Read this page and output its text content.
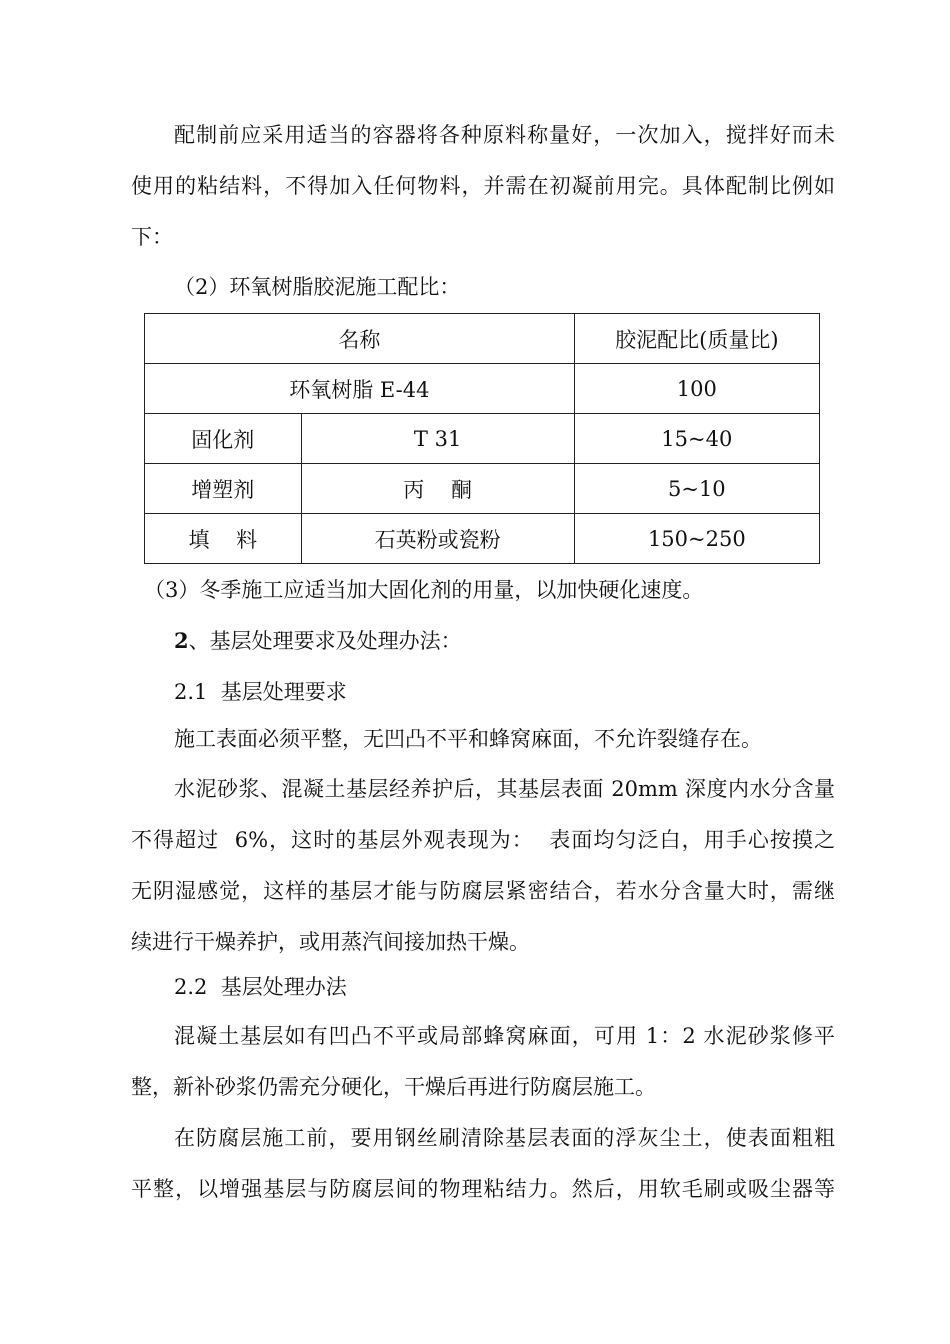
配制前应采用适当的容器将各种原料称量好，一次加入，搅拌好而未
使用的粘结料，不得加入任何物料，并需在初凝前用完。具体配制比例如
下：
（2）环氧树脂胶泥施工配比：
名称		胶泥配比(质量比)
环氧树脂 E-44		100
固化剂	T 31	15~40
增塑剂	丙    酮	5~10
填    料	石英粉或瓷粉	150~250
（3）冬季施工应适当加大固化剂的用量，以加快硬化速度。
2、基层处理要求及处理办法：
2.1  基层处理要求
施工表面必须平整，无凹凸不平和蜂窝麻面，不允许裂缝存在。
水泥砂浆、混凝土基层经养护后，其基层表面 20mm 深度内水分含量
不得超过  6%，这时的基层外观表现为：  表面均匀泛白，用手心按摸之
无阴湿感觉，这样的基层才能与防腐层紧密结合，若水分含量大时，需继
续进行干燥养护，或用蒸汽间接加热干燥。
2.2  基层处理办法
混凝土基层如有凹凸不平或局部蜂窝麻面，可用 1：2 水泥砂浆修平
整，新补砂浆仍需充分硬化，干燥后再进行防腐层施工。
在防腐层施工前，要用钢丝刷清除基层表面的浮灰尘土，使表面粗粗
平整，以增强基层与防腐层间的物理粘结力。然后，用软毛刷或吸尘器等
